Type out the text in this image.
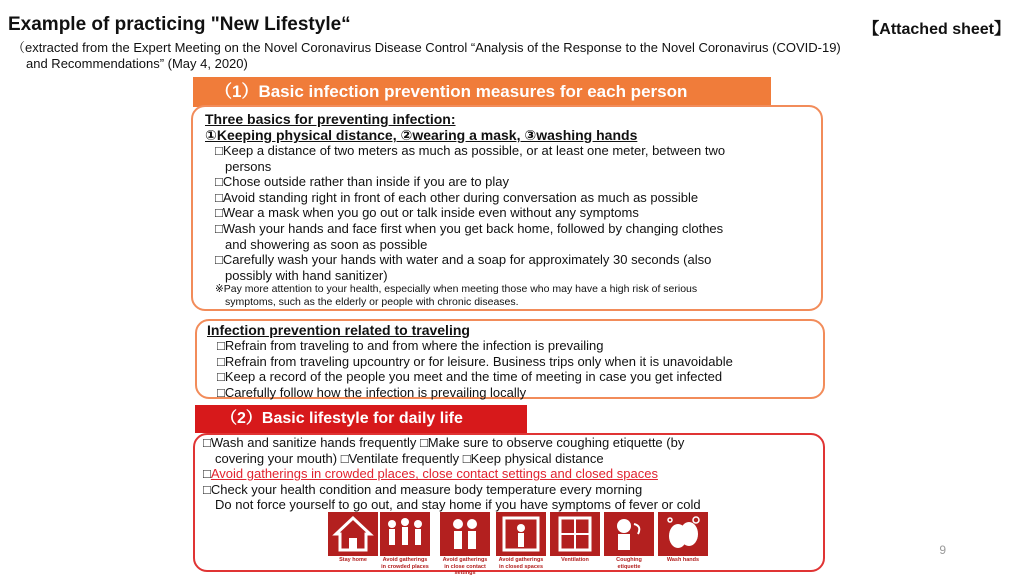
Example of practicing "New Lifestyle“	【Attached sheet】
（extracted from the Expert Meeting on the Novel Coronavirus Disease Control “Analysis of the Response to the Novel Coronavirus (COVID-19)
and Recommendations” (May 4, 2020)
（1）Basic infection prevention measures for each person
Three basics for preventing infection:
①Keeping physical distance, ②wearing a mask, ③washing hands
□Keep a distance of two meters as much as possible, or at least one meter, between two
persons
□Chose outside rather than inside if you are to play
□Avoid standing right in front of each other during conversation as much as possible
□Wear a mask when you go out or talk inside even without any symptoms
□Wash your hands and face first when you get back home, followed by changing clothes
and showering as soon as possible
□Carefully wash your hands with water and a soap for approximately 30 seconds (also
possibly with hand sanitizer)
※Pay more attention to your health, especially when meeting those who may have a high risk of serious
symptoms, such as the elderly or people with chronic diseases.
Infection prevention related to traveling
□Refrain from traveling to and from where the infection is prevailing
□Refrain from traveling upcountry or for leisure. Business trips only when it is unavoidable
□Keep a record of the people you meet and the time of meeting in case you get infected
□Carefully follow how the infection is prevailing locally
（2）Basic lifestyle for daily life
□Wash and sanitize hands frequently □Make sure to observe coughing etiquette (by
covering your mouth) □Ventilate frequently □Keep physical distance
□Avoid gatherings in crowded places, close contact settings and closed spaces
□Check your health condition and measure body temperature every morning
Do not force yourself to go out, and stay home if you have symptoms of fever or cold
Stay home	Avoid gatherings in crowded places
Avoid gatherings in close contact settings
Avoid gatherings in closed spaces
Ventilation	Coughing etiquette
Wash hands
9
